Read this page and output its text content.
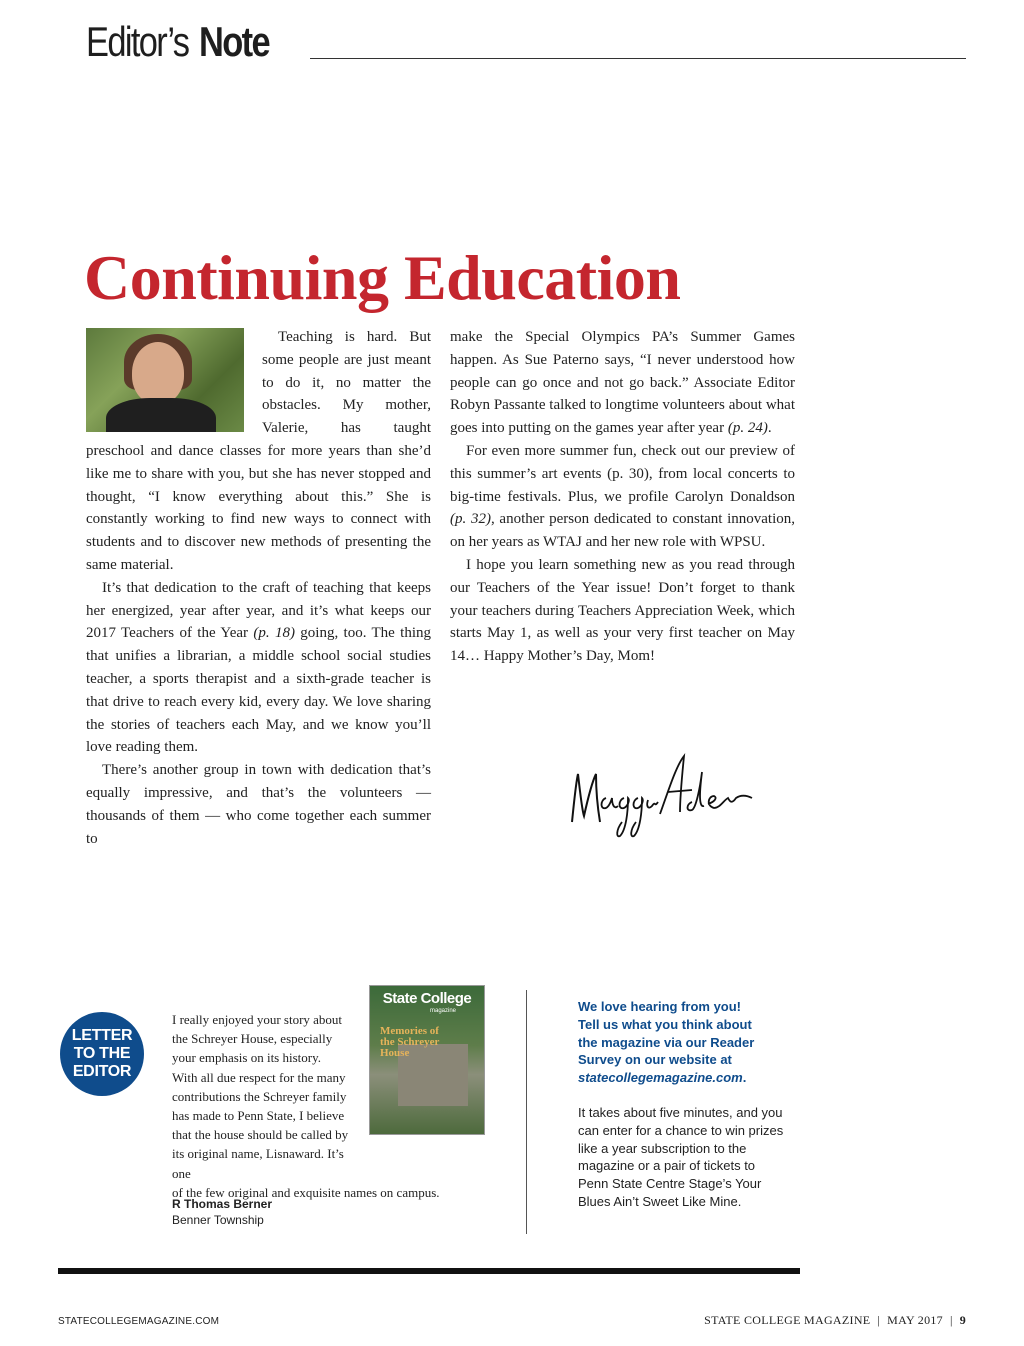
Editor’s Note
Continuing Education

Teaching is hard. But some people are just meant to do it, no matter the obstacles. My mother, Valerie, has taught preschool and dance classes for more years than she’d like me to share with you, but she has never stopped and thought, “I know everything about this.” She is constantly working to find new ways to connect with students and to discover new methods of presenting the same material.

It’s that dedication to the craft of teaching that keeps her energized, year after year, and it’s what keeps our 2017 Teachers of the Year (p. 18) going, too. The thing that unifies a librarian, a middle school social studies teacher, a sports therapist and a sixth-grade teacher is that drive to reach every kid, every day. We love sharing the stories of teachers each May, and we know you’ll love reading them.

There’s another group in town with dedication that’s equally impressive, and that’s the volunteers — thousands of them — who come together each summer to

make the Special Olympics PA’s Summer Games happen. As Sue Paterno says, “I never understood how people can go once and not go back.” Associate Editor Robyn Passante talked to longtime volunteers about what goes into putting on the games year after year (p. 24).

For even more summer fun, check out our preview of this summer’s art events (p. 30), from local concerts to big-time festivals. Plus, we profile Carolyn Donaldson (p. 32), another person dedicated to constant innovation, on her years as WTAJ and her new role with WPSU.

I hope you learn something new as you read through our Teachers of the Year issue! Don’t forget to thank your teachers during Teachers Appreciation Week, which starts May 1, as well as your very first teacher on May 14… Happy Mother’s Day, Mom!

LETTER
TO THE
EDITOR
I really enjoyed your story about
the Schreyer House, especially
your emphasis on its history.
With all due respect for the many
contributions the Schreyer family
has made to Penn State, I believe
that the house should be called by
its original name, Lisnaward. It’s one
of the few original and exquisite names on campus.
R Thomas Berner
Benner Township
State College
magazine
Memories of the Schreyer House
We love hearing from you!
Tell us what you think about
the magazine via our Reader
Survey on our website at
statecollegemagazine.com.
It takes about five minutes, and you can enter for a chance to win prizes like a year subscription to the magazine or a pair of tickets to Penn State Centre Stage’s Your Blues Ain’t Sweet Like Mine.
STATECOLLEGEMAGAZINE.COM	STATE COLLEGE MAGAZINE | MAY 2017 | 9
